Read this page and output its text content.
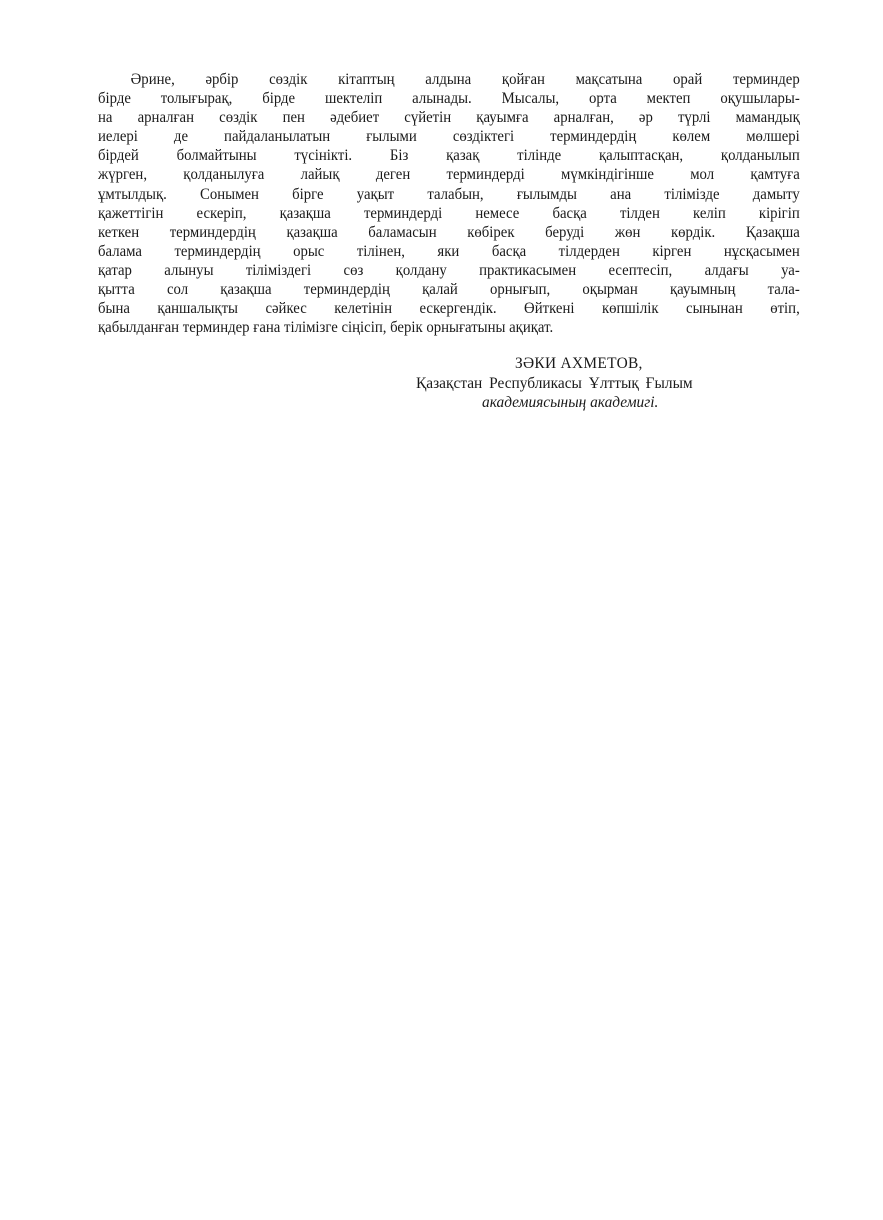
Әрине, әрбір сөздік кітаптың алдына қойған мақсатына орай терминдер
бірде толығырақ, бірде шектеліп алынады. Мысалы, орта мектеп оқушылары-
на арналған сөздік пен әдебиет сүйетін қауымға арналған, әр түрлі мамандық
иелері де пайдаланылатын ғылыми сөздіктегі терминдердің көлем мөлшері
бірдей болмайтыны түсінікті. Біз қазақ тілінде қалыптасқан, қолданылып
жүрген, қолданылуға лайық деген терминдерді мүмкіндігінше мол қамтуға
ұмтылдық. Сонымен бірге уақыт талабын, ғылымды ана тілімізде дамыту
қажеттігін ескеріп, қазақша терминдерді немесе басқа тілден келіп кірігіп
кеткен терминдердің қазақша баламасын көбірек беруді жөн көрдік. Қазақша
балама терминдердің орыс тілінен, яки басқа тілдерден кірген нұсқасымен
қатар алынуы тіліміздегі сөз қолдану практикасымен есептесіп, алдағы уа-
қытта сол қазақша терминдердің қалай орнығып, оқырман қауымның тала-
бына қаншалықты сәйкес келетінін ескергендік. Өйткені көпшілік сынынан өтіп,
қабылданған терминдер ғана тілімізге сіңісіп, берік орнығатыны ақиқат.
ЗӘКИ АХМЕТОВ,
Қазақстан Республикасы Ұлттық Ғылым
академиясының академигі.
